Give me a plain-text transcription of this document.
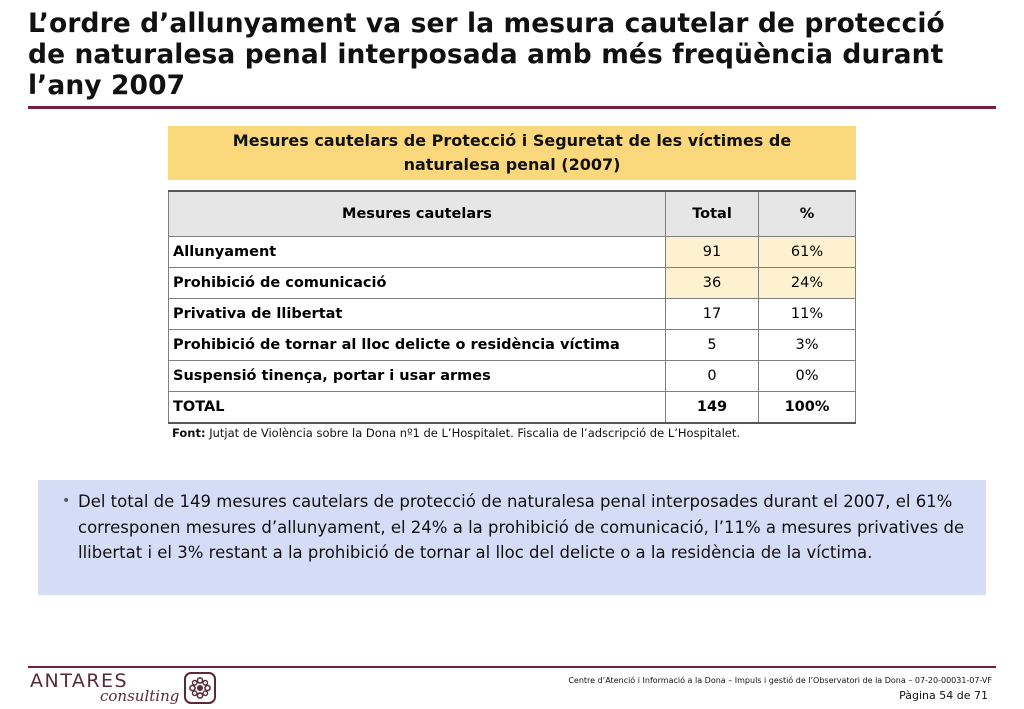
L’ordre d’allunyament va ser la mesura cautelar de protecció de naturalesa penal interposada amb més freqüència durant l’any 2007
Mesures cautelars de Protecció i Seguretat de les víctimes de naturalesa penal (2007)
Mesures cautelars	Total	%
Allunyament	91	61%
Prohibició de comunicació	36	24%
Privativa de llibertat	17	11%
Prohibició de tornar al lloc delicte o residència víctima	5	3%
Suspensió tinença, portar i usar armes	0	0%
TOTAL	149	100%
Font: Jutjat de Violència sobre la Dona nº1 de L’Hospitalet. Fiscalia de l’adscripció de L’Hospitalet.
• Del total de 149 mesures cautelars de protecció de naturalesa penal interposades durant el 2007, el 61% corresponen mesures d’allunyament, el 24% a la prohibició de comunicació, l’11% a mesures privatives de llibertat i el 3% restant a la prohibició de tornar al lloc del delicte o a la residència de la víctima.
ANTARES
consulting
Centre d’Atenció i Informació a la Dona – Impuls i gestió de l’Observatori de la Dona – 07-20-00031-07-VF
Pàgina 54 de 71
